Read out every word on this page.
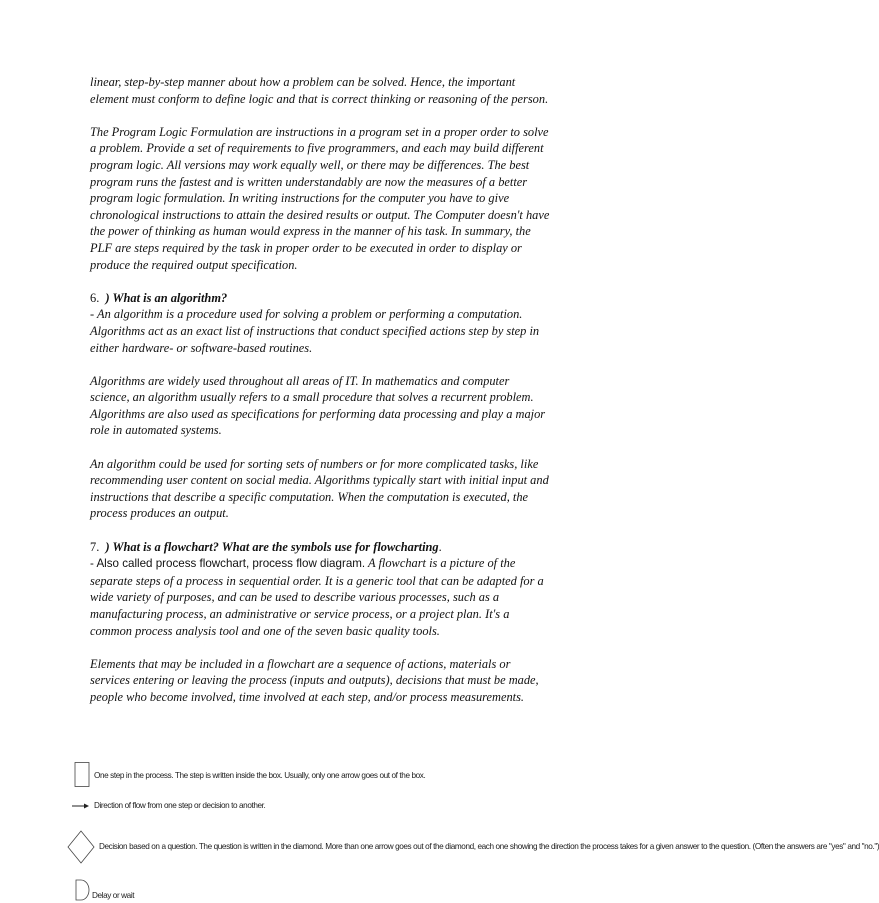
linear, step-by-step manner about how a problem can be solved. Hence, the important element must conform to define logic and that is correct thinking or reasoning of the person.

The Program Logic Formulation are instructions in a program set in a proper order to solve a problem. Provide a set of requirements to five programmers, and each may build different program logic. All versions may work equally well, or there may be differences. The best program runs the fastest and is written understandably are now the measures of a better program logic formulation. In writing instructions for the computer you have to give chronological instructions to attain the desired results or output. The Computer doesn't have the power of thinking as human would express in the manner of his task. In summary, the PLF are steps required by the task in proper order to be executed in order to display or produce the required output specification.

6. ) What is an algorithm?

- An algorithm is a procedure used for solving a problem or performing a computation. Algorithms act as an exact list of instructions that conduct specified actions step by step in either hardware- or software-based routines.

Algorithms are widely used throughout all areas of IT. In mathematics and computer science, an algorithm usually refers to a small procedure that solves a recurrent problem. Algorithms are also used as specifications for performing data processing and play a major role in automated systems.

An algorithm could be used for sorting sets of numbers or for more complicated tasks, like recommending user content on social media. Algorithms typically start with initial input and instructions that describe a specific computation. When the computation is executed, the process produces an output.

7. ) What is a flowchart? What are the symbols use for flowcharting.

- Also called process flowchart, process flow diagram. A flowchart is a picture of the separate steps of a process in sequential order. It is a generic tool that can be adapted for a wide variety of purposes, and can be used to describe various processes, such as a manufacturing process, an administrative or service process, or a project plan. It's a common process analysis tool and one of the seven basic quality tools.

Elements that may be included in a flowchart are a sequence of actions, materials or services entering or leaving the process (inputs and outputs), decisions that must be made, people who become involved, time involved at each step, and/or process measurements.

One step in the process. The step is written inside the box. Usually, only one arrow goes out of the box.
Direction of flow from one step or decision to another.
Decision based on a question. The question is written in the diamond. More than one arrow goes out of the diamond, each one showing the direction the process takes for a given answer to the question. (Often the answers are "yes" and "no.")
Delay or wait
